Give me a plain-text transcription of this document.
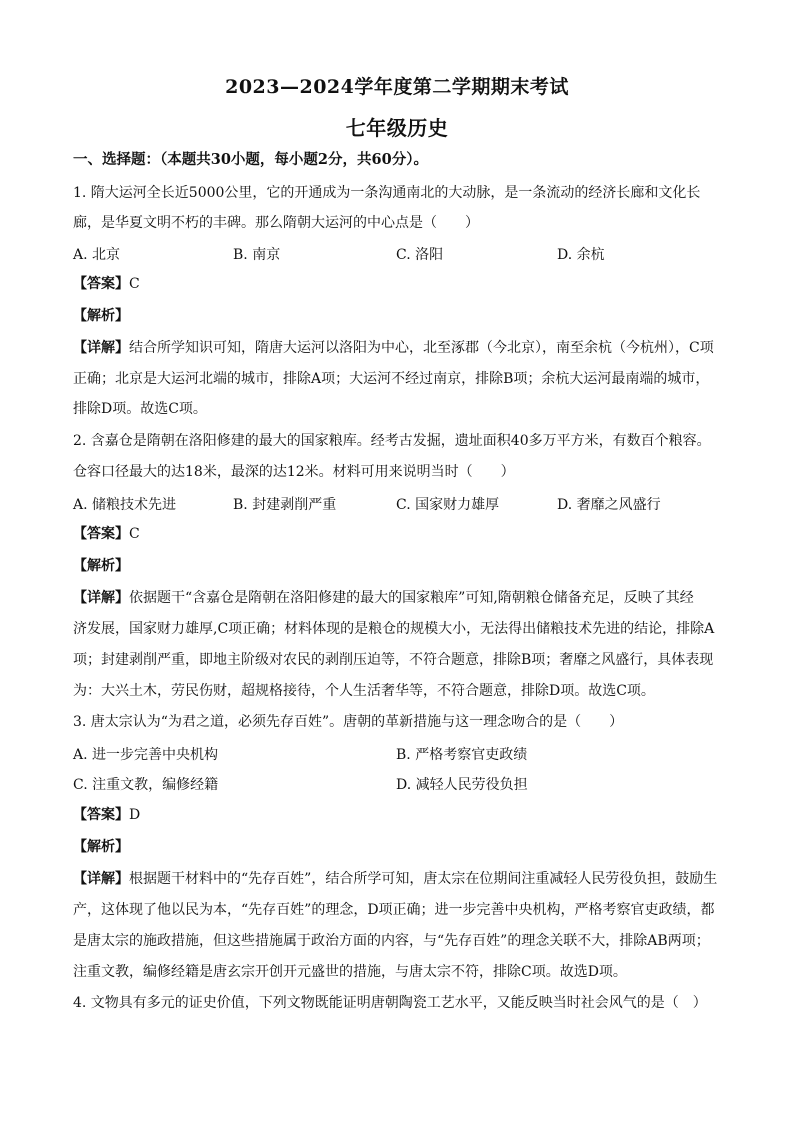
2023—2024学年度第二学期期末考试
七年级历史
一、选择题：（本题共30小题，每小题2分，共60分）。
1. 隋大运河全长近5000公里，它的开通成为一条沟通南北的大动脉，是一条流动的经济长廊和文化长
廊，是华夏文明不朽的丰碑。那么隋朝大运河的中心点是（　　）
A. 北京	B. 南京	C. 洛阳	D. 余杭
【答案】C
【解析】
【详解】结合所学知识可知，隋唐大运河以洛阳为中心，北至涿郡（今北京），南至余杭（今杭州），C项
正确；北京是大运河北端的城市，排除A项；大运河不经过南京，排除B项；余杭大运河最南端的城市，
排除D项。故选C项。
2. 含嘉仓是隋朝在洛阳修建的最大的国家粮库。经考古发掘，遗址面积40多万平方米，有数百个粮容。
仓容口径最大的达18米，最深的达12米。材料可用来说明当时（　　）
A. 储粮技术先进	B. 封建剥削严重	C. 国家财力雄厚	D. 奢靡之风盛行
【答案】C
【解析】
【详解】依据题干“含嘉仓是隋朝在洛阳修建的最大的国家粮库”可知,隋朝粮仓储备充足，反映了其经
济发展，国家财力雄厚,C项正确；材料体现的是粮仓的规模大小，无法得出储粮技术先进的结论，排除A
项；封建剥削严重，即地主阶级对农民的剥削压迫等，不符合题意，排除B项；奢靡之风盛行，具体表现
为：大兴土木，劳民伤财，超规格接待，个人生活奢华等，不符合题意，排除D项。故选C项。
3. 唐太宗认为“为君之道，必须先存百姓”。唐朝的革新措施与这一理念吻合的是（　　）
A. 进一步完善中央机构	B. 严格考察官吏政绩
C. 注重文教，编修经籍	D. 减轻人民劳役负担
【答案】D
【解析】
【详解】根据题干材料中的“先存百姓”，结合所学可知，唐太宗在位期间注重减轻人民劳役负担，鼓励生
产，这体现了他以民为本，“先存百姓”的理念，D项正确；进一步完善中央机构，严格考察官吏政绩，都
是唐太宗的施政措施，但这些措施属于政治方面的内容，与“先存百姓”的理念关联不大，排除AB两项；
注重文教，编修经籍是唐玄宗开创开元盛世的措施，与唐太宗不符，排除C项。故选D项。
4. 文物具有多元的证史价值，下列文物既能证明唐朝陶瓷工艺水平，又能反映当时社会风气的是（　）
